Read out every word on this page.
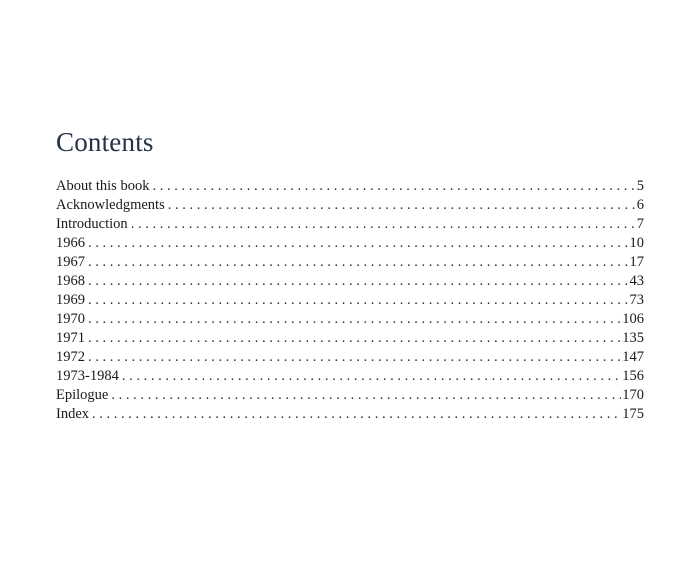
Contents
About this book . . .	5
Acknowledgments . . .	6
Introduction . . .	7
1966 . . .	10
1967 . . .	17
1968 . . .	43
1969 . . .	73
1970 . . .	106
1971 . . .	135
1972 . . .	147
1973-1984 . . .	156
Epilogue . . .	170
Index . . .	175
